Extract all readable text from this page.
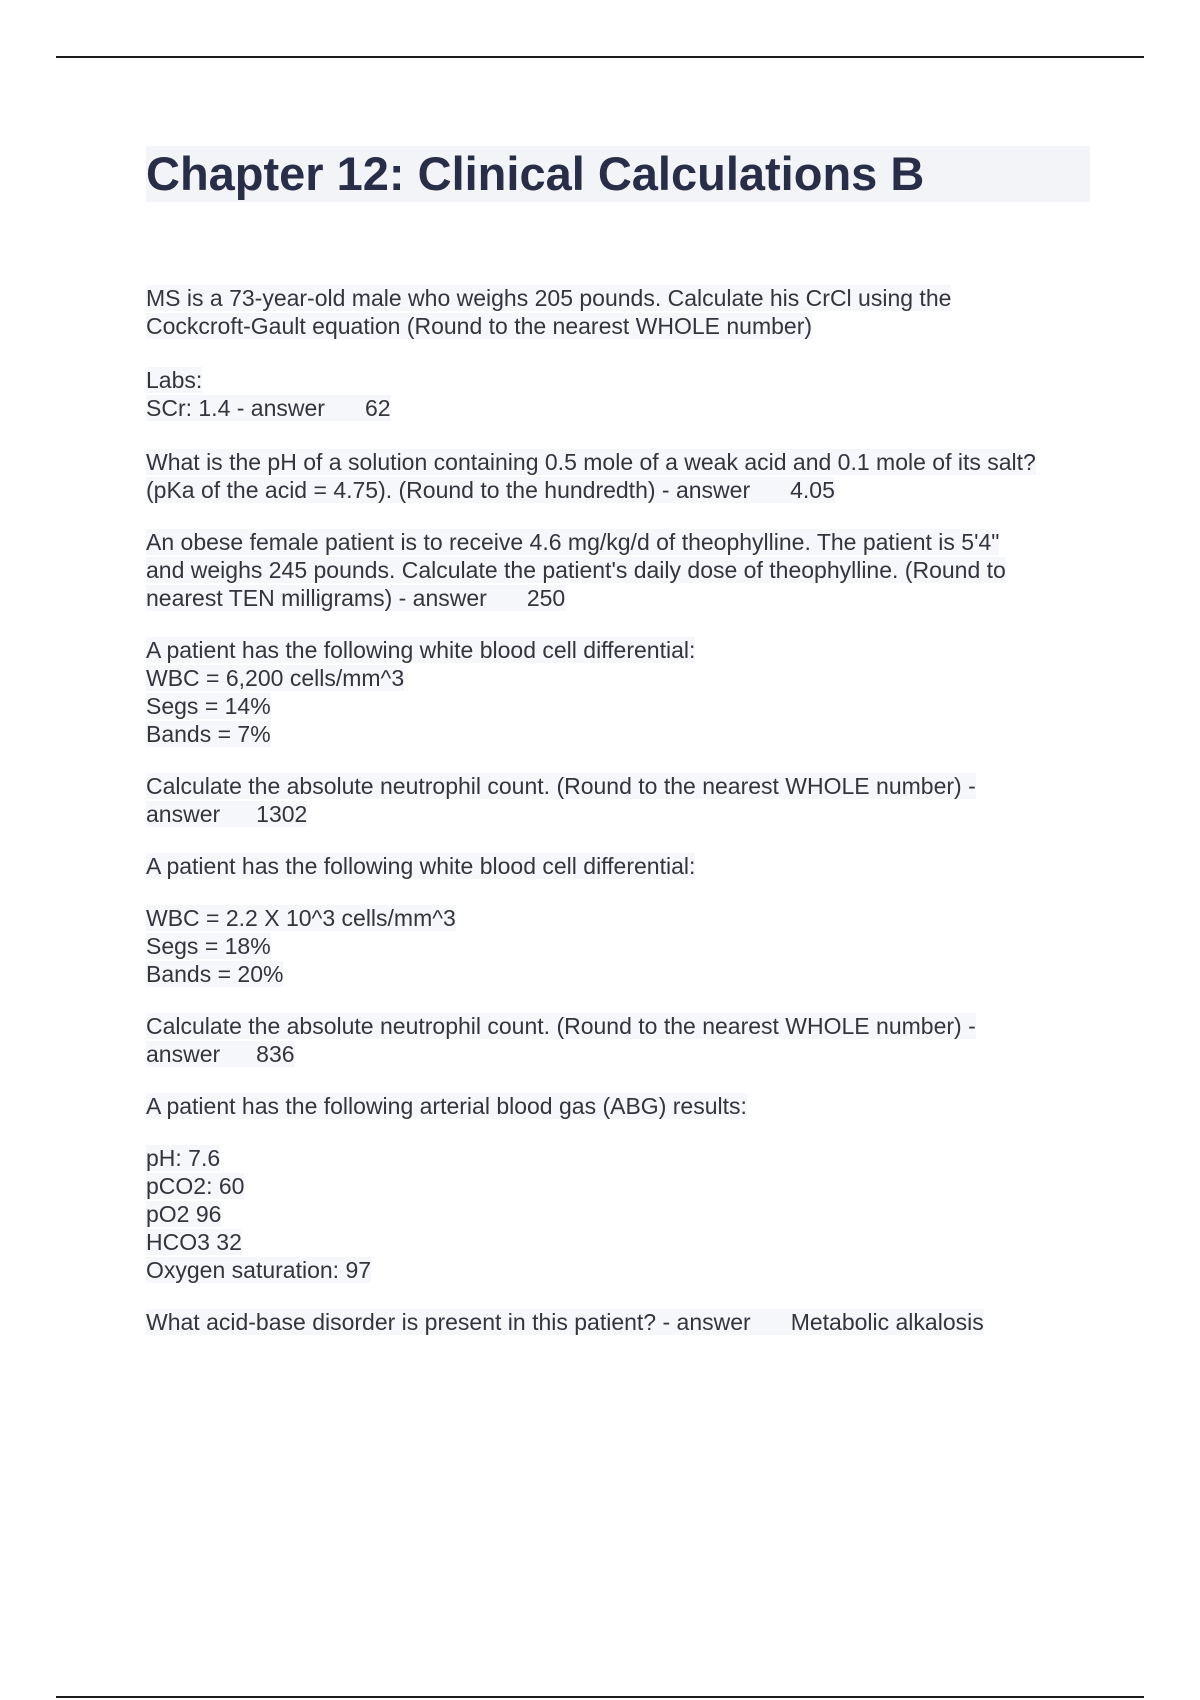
Chapter 12: Clinical Calculations B
MS is a 73-year-old male who weighs 205 pounds. Calculate his CrCl using the
Cockcroft-Gault equation (Round to the nearest WHOLE number)
Labs:
SCr: 1.4 - answer 62
What is the pH of a solution containing 0.5 mole of a weak acid and 0.1 mole of its salt?
(pKa of the acid = 4.75). (Round to the hundredth) - answer 4.05
An obese female patient is to receive 4.6 mg/kg/d of theophylline. The patient is 5'4"
and weighs 245 pounds. Calculate the patient's daily dose of theophylline. (Round to
nearest TEN milligrams) - answer 250
A patient has the following white blood cell differential:
WBC = 6,200 cells/mm^3
Segs = 14%
Bands = 7%
Calculate the absolute neutrophil count. (Round to the nearest WHOLE number) -
answer 1302
A patient has the following white blood cell differential:
WBC = 2.2 X 10^3 cells/mm^3
Segs = 18%
Bands = 20%
Calculate the absolute neutrophil count. (Round to the nearest WHOLE number) -
answer 836
A patient has the following arterial blood gas (ABG) results:
pH: 7.6
pCO2: 60
pO2 96
HCO3 32
Oxygen saturation: 97
What acid-base disorder is present in this patient? - answer Metabolic alkalosis
